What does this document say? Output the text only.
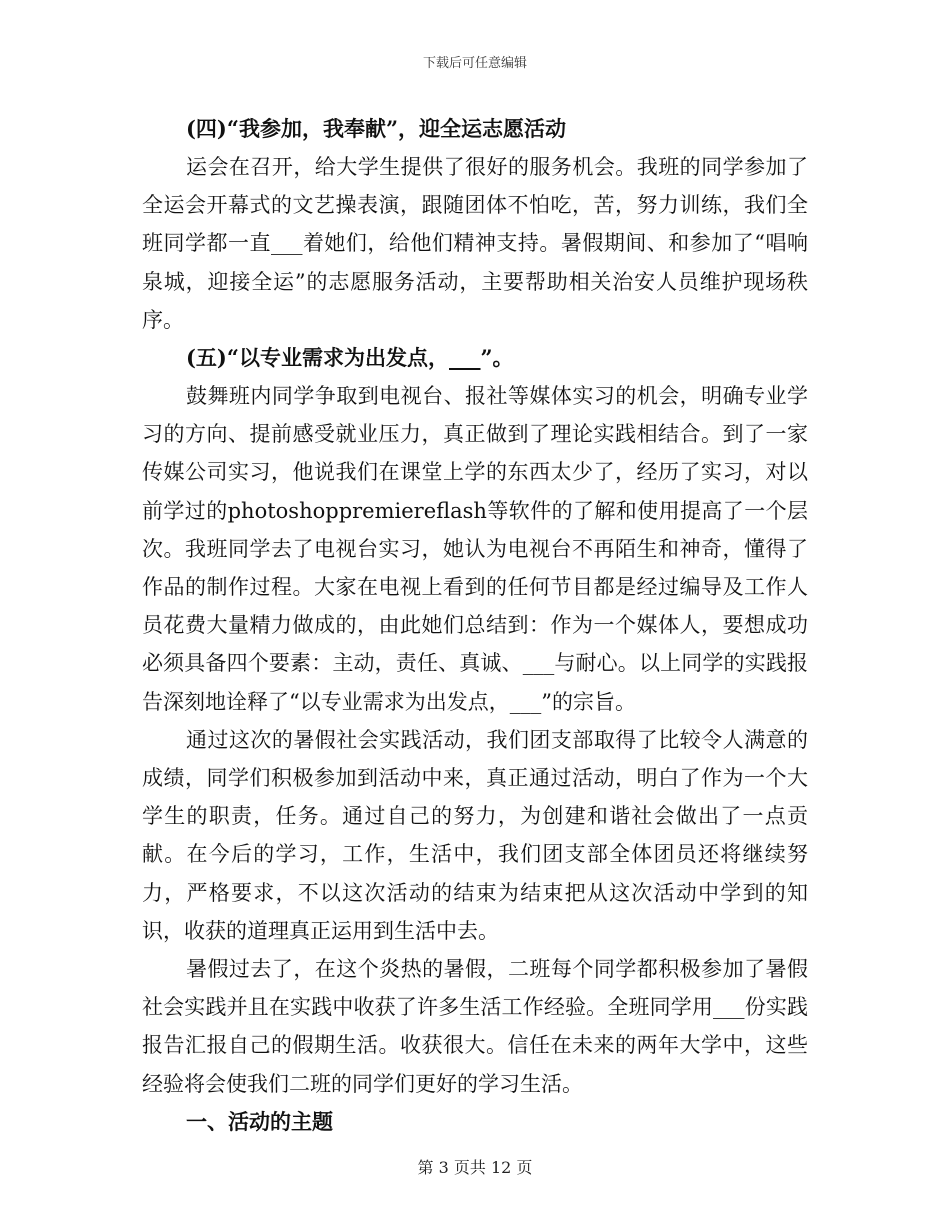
下载后可任意编辑

(四)“我参加，我奉献”，迎全运志愿活动

运会在召开，给大学生提供了很好的服务机会。我班的同学参加了全运会开幕式的文艺操表演，跟随团体不怕吃，苦，努力训练，我们全班同学都一直___着她们，给他们精神支持。暑假期间、和参加了“唱响泉城，迎接全运”的志愿服务活动，主要帮助相关治安人员维护现场秩序。

(五)“以专业需求为出发点，___”。

鼓舞班内同学争取到电视台、报社等媒体实习的机会，明确专业学习的方向、提前感受就业压力，真正做到了理论实践相结合。到了一家传媒公司实习，他说我们在课堂上学的东西太少了，经历了实习，对以前学过的photoshoppremiereflash等软件的了解和使用提高了一个层次。我班同学去了电视台实习，她认为电视台不再陌生和神奇，懂得了作品的制作过程。大家在电视上看到的任何节目都是经过编导及工作人员花费大量精力做成的，由此她们总结到：作为一个媒体人，要想成功必须具备四个要素：主动，责任、真诚、___与耐心。以上同学的实践报告深刻地诠释了“以专业需求为出发点，___”的宗旨。

通过这次的暑假社会实践活动，我们团支部取得了比较令人满意的成绩，同学们积极参加到活动中来，真正通过活动，明白了作为一个大学生的职责，任务。通过自己的努力，为创建和谐社会做出了一点贡献。在今后的学习，工作，生活中，我们团支部全体团员还将继续努力，严格要求，不以这次活动的结束为结束把从这次活动中学到的知识，收获的道理真正运用到生活中去。

暑假过去了，在这个炎热的暑假，二班每个同学都积极参加了暑假社会实践并且在实践中收获了许多生活工作经验。全班同学用___份实践报告汇报自己的假期生活。收获很大。信任在未来的两年大学中，这些经验将会使我们二班的同学们更好的学习生活。

一、活动的主题

第 3 页共 12 页
